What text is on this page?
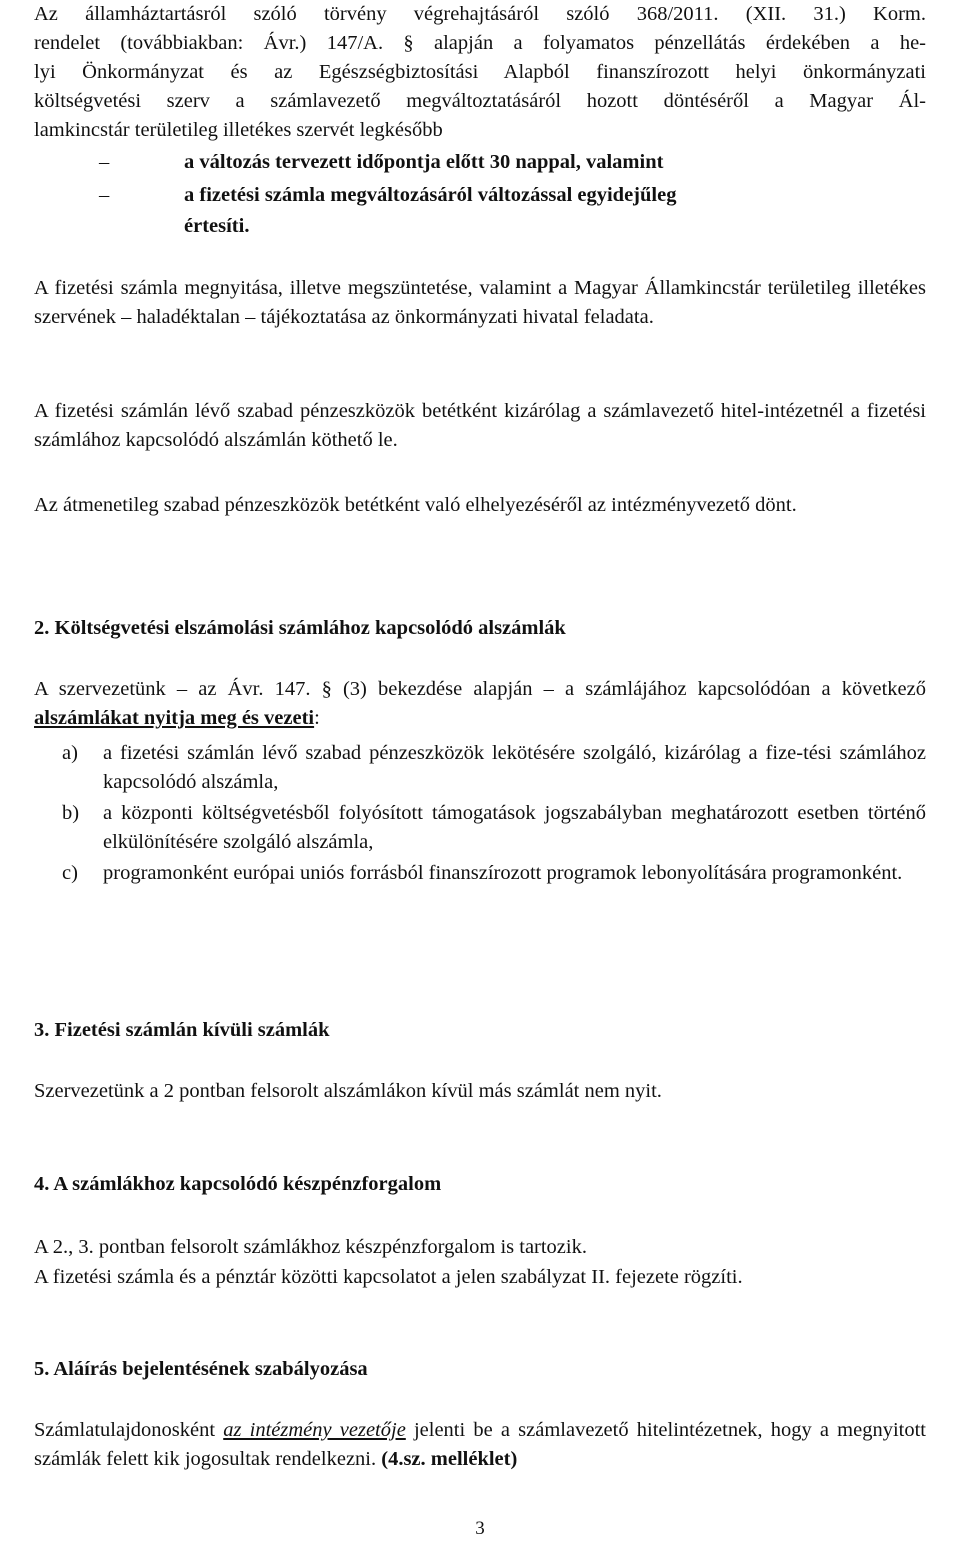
Az államháztartásról szóló törvény végrehajtásáról szóló 368/2011. (XII. 31.) Korm.
rendelet (továbbiakban: Ávr.) 147/A. § alapján a folyamatos pénzellátás érdekében a he-
lyi Önkormányzat és az Egészségbiztosítási Alapból finanszírozott helyi önkormányzati
költségvetési szerv a számlavezető megváltoztatásáról hozott döntéséről a Magyar Ál-
lamkincstár területileg illetékes szervét legkésőbb
–	a változás tervezett időpontja előtt 30 nappal, valamint
–	a fizetési számla megváltozásáról változással egyidejűleg
értesíti.

A fizetési számla megnyitása, illetve megszüntetése, valamint a Magyar Államkincstár területileg illetékes szervének – haladéktalan – tájékoztatása az önkormányzati hivatal feladata.

A fizetési számlán lévő szabad pénzeszközök betétként kizárólag a számlavezető hitel-intézetnél a fizetési számlához kapcsolódó alszámlán köthető le.

Az átmenetileg szabad pénzeszközök betétként való elhelyezéséről az intézményvezető dönt.

2. Költségvetési elszámolási számlához kapcsolódó alszámlák

A szervezetünk – az Ávr. 147. § (3) bekezdése alapján – a számlájához kapcsolódóan a következő alszámlákat nyitja meg és vezeti:

a) a fizetési számlán lévő szabad pénzeszközök lekötésére szolgáló, kizárólag a fize-tési számlához kapcsolódó alszámla,
b) a központi költségvetésből folyósított támogatások jogszabályban meghatározott esetben történő elkülönítésére szolgáló alszámla,
c) programonként európai uniós forrásból finanszírozott programok lebonyolítására programonként.
3. Fizetési számlán kívüli számlák

Szervezetünk a 2 pontban felsorolt alszámlákon kívül más számlát nem nyit.

4. A számlákhoz kapcsolódó készpénzforgalom

A 2., 3. pontban felsorolt számlákhoz készpénzforgalom is tartozik.

A fizetési számla és a pénztár közötti kapcsolatot a jelen szabályzat II. fejezete rögzíti.

5. Aláírás bejelentésének szabályozása

Számlatulajdonosként az intézmény vezetője jelenti be a számlavezető hitelintézetnek, hogy a megnyitott számlák felett kik jogosultak rendelkezni. (4.sz. melléklet)

3
